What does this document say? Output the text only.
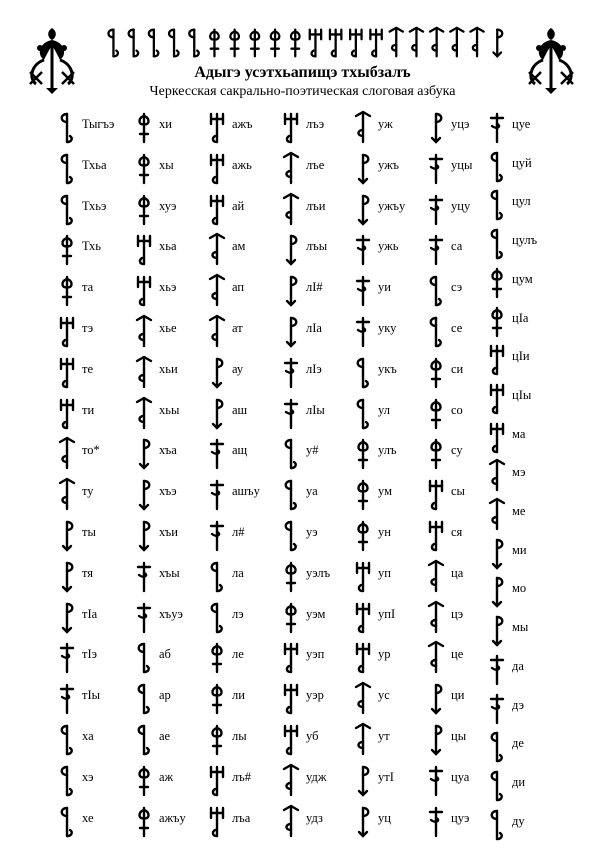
Адыгэ усэтхьапищэ тхыбзалъ
Черкесская сакрально-поэтическая слоговая азбука
Тыгъэ
Тхьа
Тхьэ
Тхь
та
тэ
те
ти
то*
ту
ты
тя
тIа
тIэ
тIы
ха
хэ
хе
хи
хы
хуэ
хьа
хьэ
хье
хьи
хьы
хъа
хъэ
хъи
хъы
хъуэ
аб
ар
ае
аж
ажъу
ажъ
ажь
ай
ам
ап
ат
ау
аш
ащ
ашъу
л#
ла
лэ
ле
ли
лы
лъ#
лъа
лъэ
лъе
лъи
лъы
лI#
лIа
лIэ
лIы
у#
уа
уэ
уэлъ
уэм
уэп
уэр
уб
удж
удз
уж
ужъ
ужъу
ужь
уи
уку
укъ
ул
улъ
ум
ун
уп
упI
ур
ус
ут
утI
уц
уцэ
уцы
уцу
са
сэ
се
си
со
су
сы
ся
ца
цэ
це
ци
цы
цуа
цуэ
цуе
цуй
цул
цулъ
цум
цIа
цIи
цIы
ма
мэ
ме
ми
мо
мы
да
дэ
де
ди
ду
